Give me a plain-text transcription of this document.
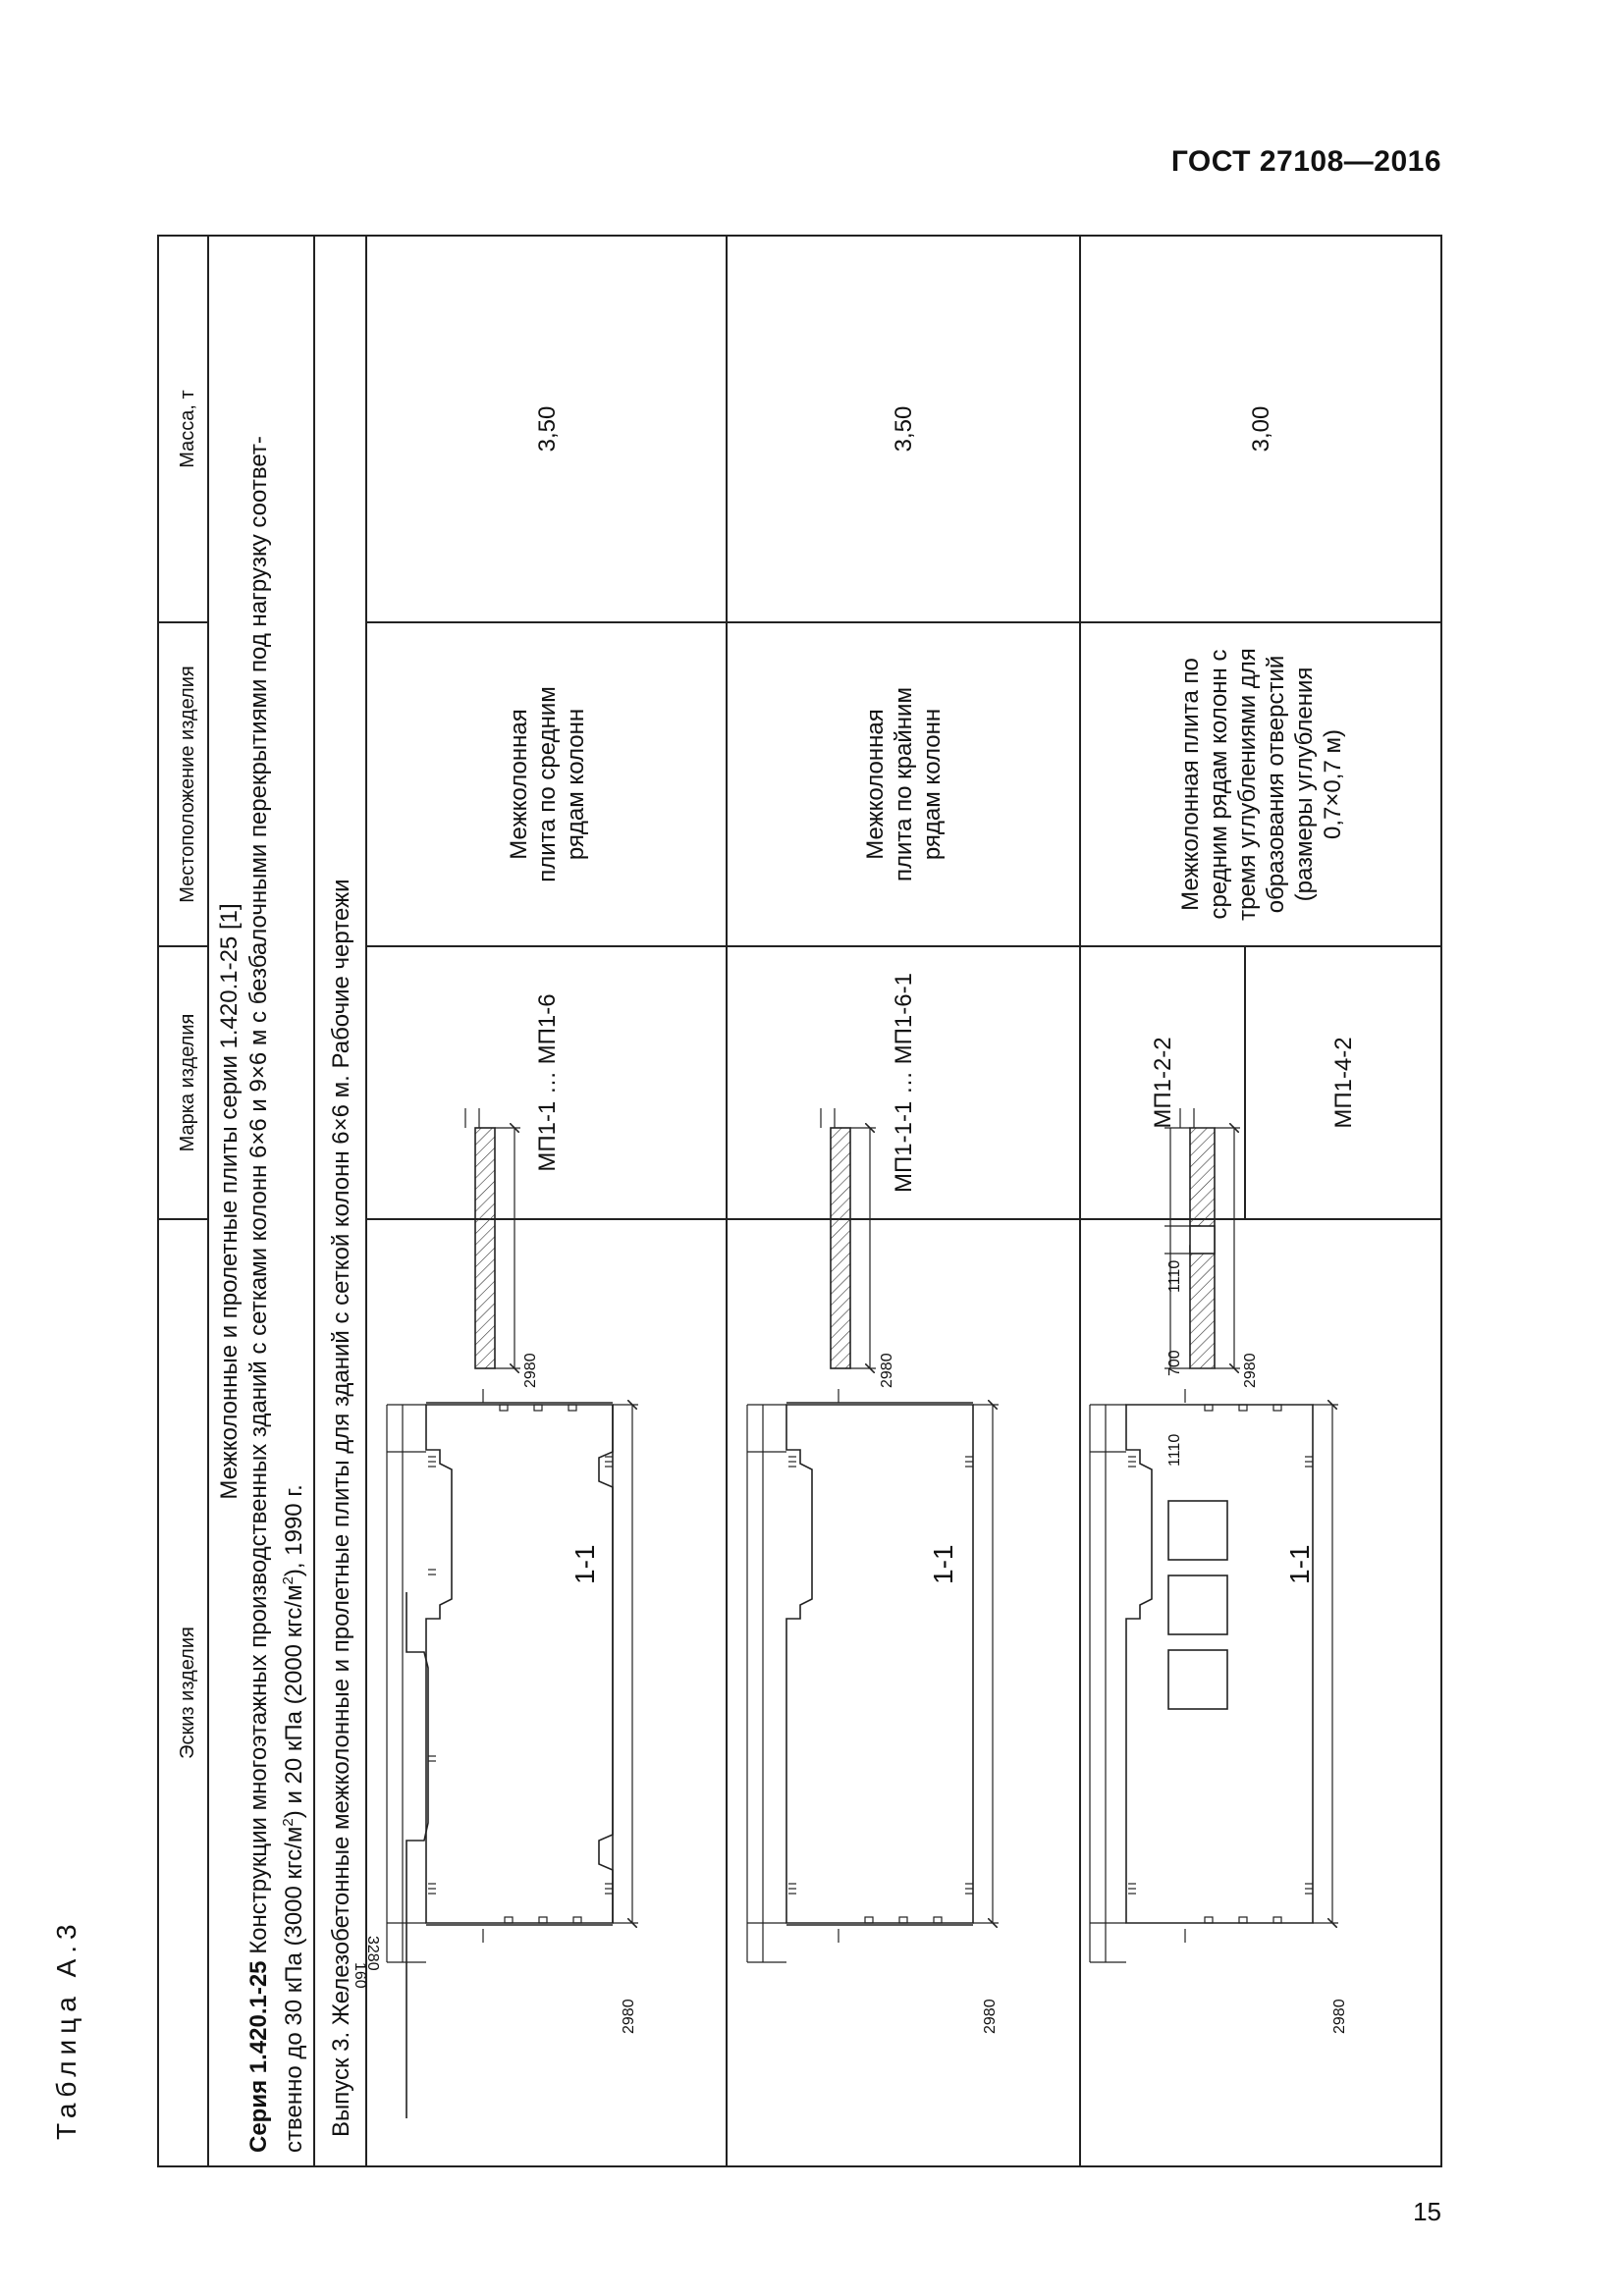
ГОСТ 27108—2016
Таблица А.3
15
Эскиз изделия
Марка изделия
Местоположение изделия
Масса, т
Межколонные и пролетные плиты серии 1.420.1-25 [1]
Серия 1.420.1-25 Конструкции многоэтажных производственных зданий с сетками колонн 6×6 и 9×6 м с безбалочными перекрытиями под нагрузку соответ-
ственно до 30 кПа (3000 кгс/$м^2$) и 20 кПа (2000 кгс/$м^2$), 1990 г. Выпуск 3. Железобетонные межколонные и пролетные плиты для зданий с сеткой колонн 6×6 м. Рабочие чертежи	МП1-1 … МП1-6
Межколонная плита по средним рядам колонн
3,50
МП1-1-1 … МП1-6-1
Межколонная плита по крайним рядам колонн
3,50
МП1-2-2	МП1-4-2
Межколонная плита по средним рядам колонн с тремя углублениями для образования отверстий (размеры углубления 0,7×0,7 м)
3,00
1-1
2980
2980
160
3280
1-1
2980
2980
1-1
2980
2980
700
1110
1110
